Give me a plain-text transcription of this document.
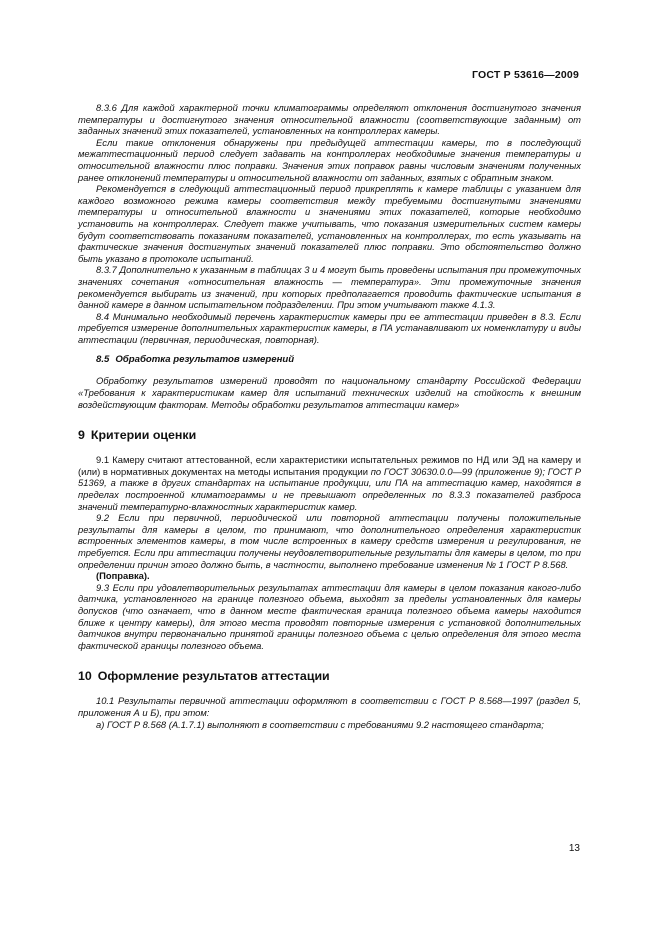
ГОСТ Р 53616—2009

8.3.6 Для каждой характерной точки климатограммы определяют отклонения достигнутого значения температуры и достигнутого значения относительной влажности (соответствующие заданным) от заданных значений этих показателей, установленных на контроллерах камеры.

Если такие отклонения обнаружены при предыдущей аттестации камеры, то в последующий межаттестационный период следует задавать на контроллерах необходимые значения температуры и относительной влажности плюс поправки. Значения этих поправок равны числовым значениям полученных ранее отклонений температуры и относительной влажности от заданных, взятых с обратным знаком.

Рекомендуется в следующий аттестационный период прикреплять к камере таблицы с указанием для каждого возможного режима камеры соответствия между требуемыми достигнутыми значениями температуры и относительной влажности и значениями этих показателей, которые необходимо установить на контроллерах. Следует также учитывать, что показания измерительных систем камеры будут соответствовать показаниям показателей, установленных на контроллерах, то есть указывать на фактические значения достигнутых значений показателей плюс поправки. Это обстоятельство должно быть указано в протоколе испытаний.

8.3.7 Дополнительно к указанным в таблицах 3 и 4 могут быть проведены испытания при промежуточных значениях сочетания «относительная влажность — температура». Эти промежуточные значения рекомендуется выбирать из значений, при которых предполагается проводить фактические испытания в данной камере в данном испытательном подразделении. При этом учитывают также 4.1.3.

8.4 Минимально необходимый перечень характеристик камеры при ее аттестации приведен в 8.3. Если требуется измерение дополнительных характеристик камеры, в ПА устанавливают их номенклатуру и виды аттестации (первичная, периодическая, повторная).

8.5 Обработка результатов измерений

Обработку результатов измерений проводят по национальному стандарту Российской Федерации «Требования к характеристикам камер для испытаний технических изделий на стойкость к внешним воздействующим факторам. Методы обработки результатов аттестации камер»

9 Критерии оценки

9.1 Камеру считают аттестованной, если характеристики испытательных режимов по НД или ЭД на камеру и (или) в нормативных документах на методы испытания продукции по ГОСТ 30630.0.0—99 (приложение 9); ГОСТ Р 51369, а также в других стандартах на испытание продукции, или ПА на аттестацию камер, находятся в пределах построенной климатограммы и не превышают определенных по 8.3.3 показателей разброса значений температурно-влажностных характеристик камер.

9.2 Если при первичной, периодической или повторной аттестации получены положительные результаты для камеры в целом, то принимают, что дополнительного определения характеристик встроенных элементов камеры, в том числе встроенных в камеру средств измерения и регулирования, не требуется. Если при аттестации получены неудовлетворительные результаты для камеры в целом, то при определении причин этого должно быть, в частности, выполнено требование изменения № 1 ГОСТ Р 8.568.

(Поправка).

9.3 Если при удовлетворительных результатах аттестации для камеры в целом показания какого-либо датчика, установленного на границе полезного объема, выходят за пределы установленных для камеры допусков (что означает, что в данном месте фактическая граница полезного объема камеры находится ближе к центру камеры), для этого места проводят повторные измерения с установкой дополнительных датчиков внутри первоначально принятой границы полезного объема с целью определения для этого места фактической границы полезного объема.

10 Оформление результатов аттестации

10.1 Результаты первичной аттестации оформляют в соответствии с ГОСТ Р 8.568—1997 (раздел 5, приложения А и Б), при этом:

а) ГОСТ Р 8.568 (А.1.7.1) выполняют в соответствии с требованиями 9.2 настоящего стандарта;

13
